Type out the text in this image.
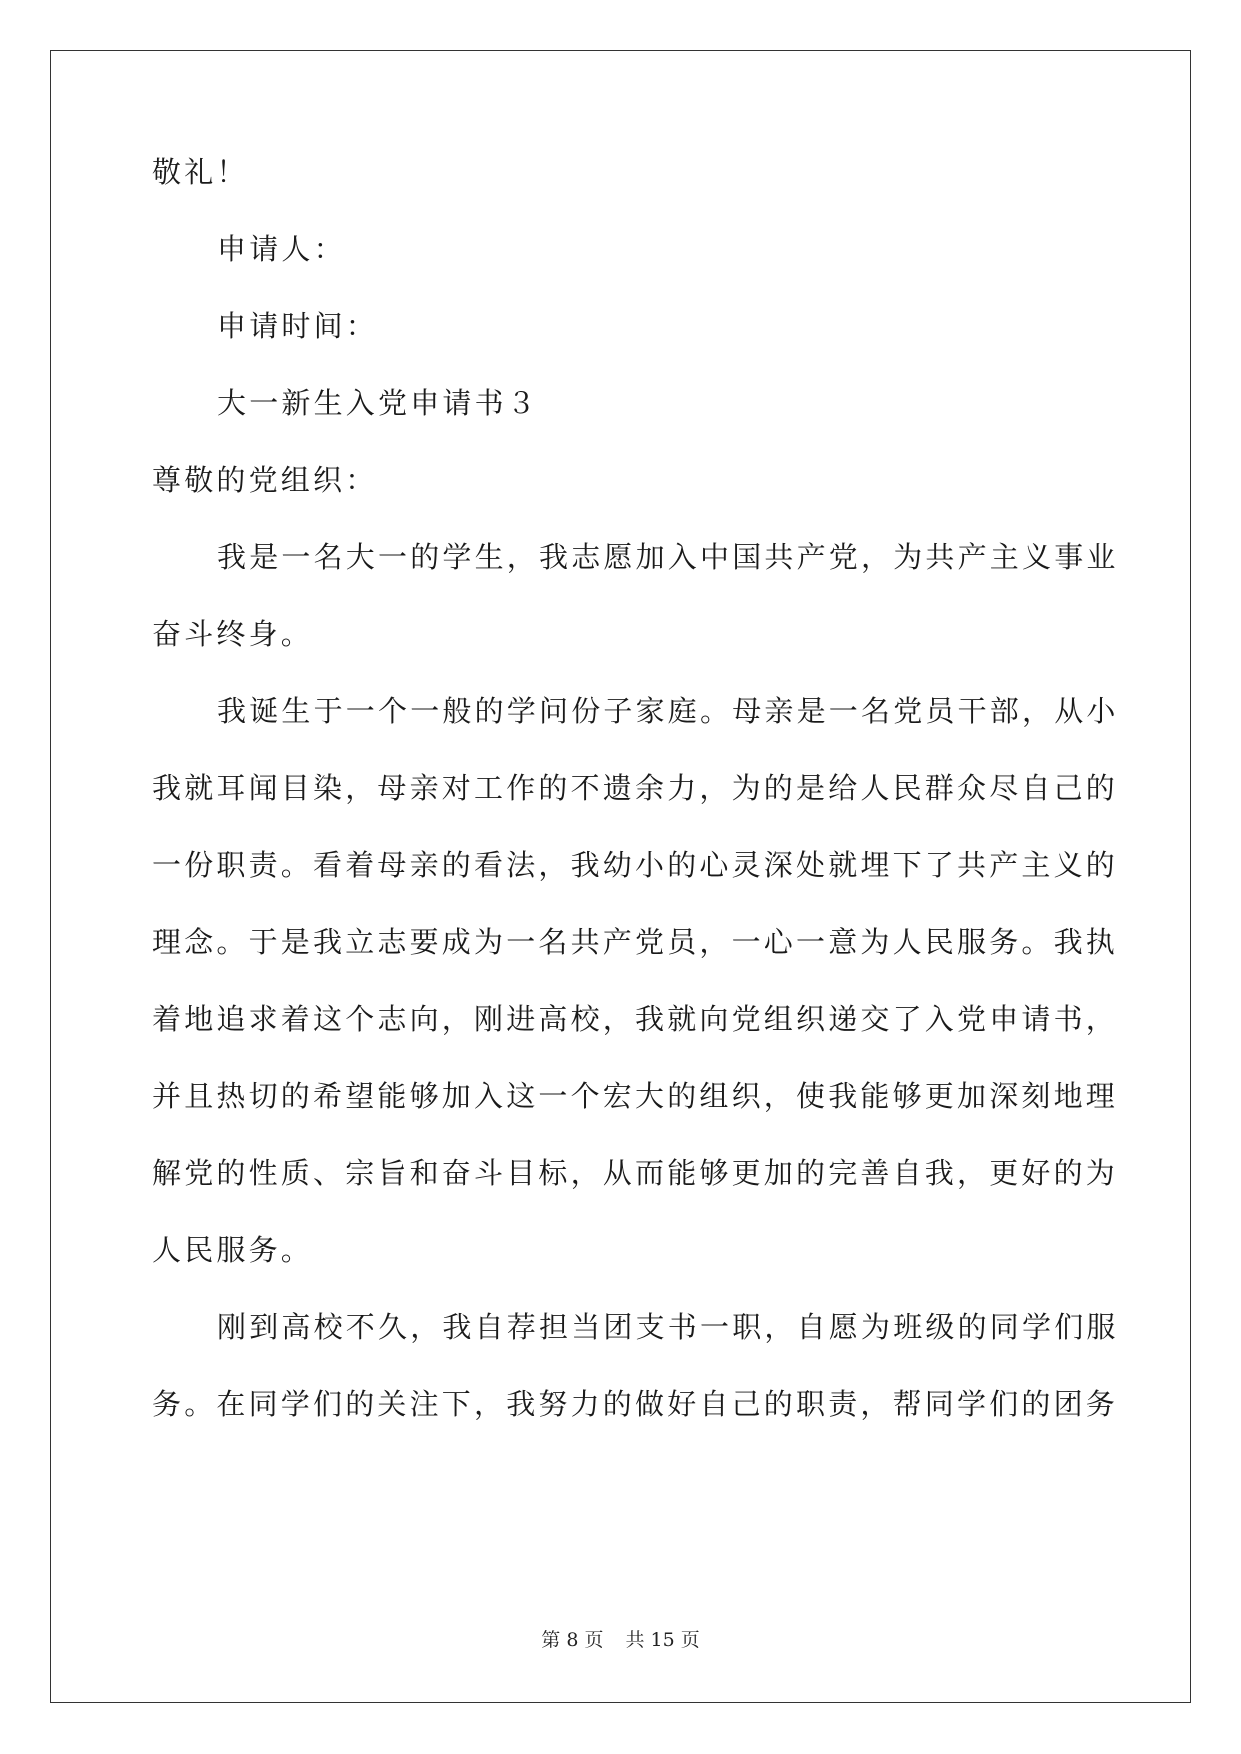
敬礼！

申请人：

申请时间：

大一新生入党申请书３

尊敬的党组织：

我是一名大一的学生，我志愿加入中国共产党，为共产主义事业

奋斗终身。

我诞生于一个一般的学问份子家庭。母亲是一名党员干部，从小

我就耳闻目染，母亲对工作的不遗余力，为的是给人民群众尽自己的

一份职责。看着母亲的看法，我幼小的心灵深处就埋下了共产主义的

理念。于是我立志要成为一名共产党员，一心一意为人民服务。我执

着地追求着这个志向，刚进高校，我就向党组织递交了入党申请书，

并且热切的希望能够加入这一个宏大的组织，使我能够更加深刻地理

解党的性质、宗旨和奋斗目标，从而能够更加的完善自我，更好的为

人民服务。

刚到高校不久，我自荐担当团支书一职，自愿为班级的同学们服

务。在同学们的关注下，我努力的做好自己的职责，帮同学们的团务

第 8 页 共 15 页
